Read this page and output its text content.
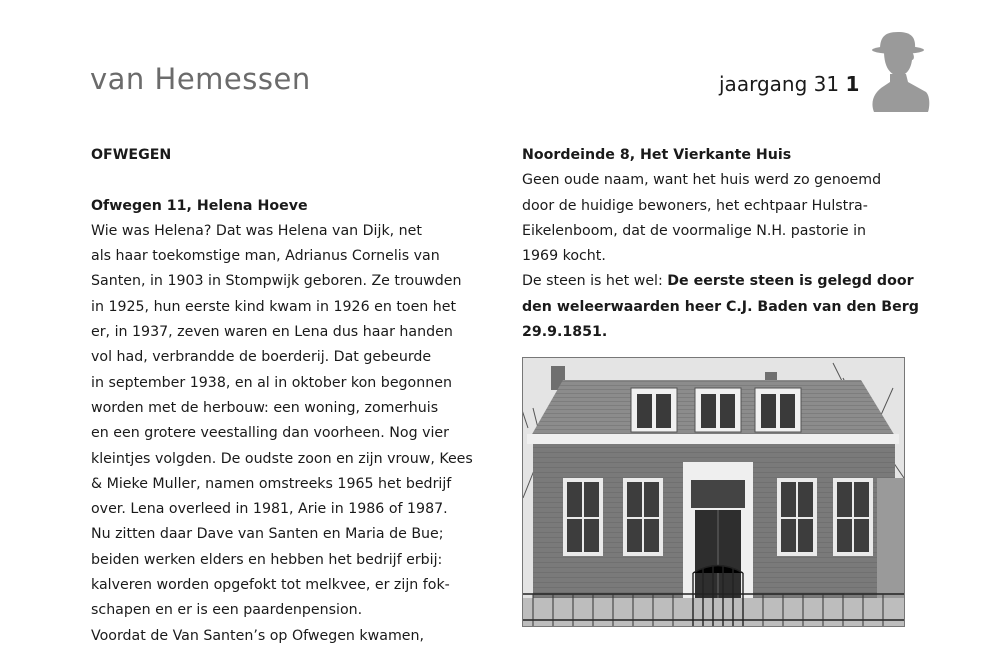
van Hemessen	jaargang 31 1
OFWEGEN
Ofwegen 11, Helena Hoeve
Wie was Helena? Dat was Helena van Dijk, net
als haar toekomstige man, Adrianus Cornelis van
Santen, in 1903 in Stompwijk geboren. Ze trouwden
in 1925, hun eerste kind kwam in 1926 en toen het
er, in 1937, zeven waren en Lena dus haar handen
vol had, verbrandde de boerderij. Dat gebeurde
in september 1938, en al in oktober kon begonnen
worden met de herbouw: een woning, zomerhuis
en een grotere veestalling dan voorheen. Nog vier
kleintjes volgden. De oudste zoon en zijn vrouw, Kees
& Mieke Muller, namen omstreeks 1965 het bedrijf
over. Lena overleed in 1981, Arie in 1986 of 1987.
Nu zitten daar Dave van Santen en Maria de Bue;
beiden werken elders en hebben het bedrijf erbij:
kalveren worden opgefokt tot melkvee, er zijn fok-
schapen en er is een paardenpension.
Voordat de Van Santen’s op Ofwegen kwamen,
Noordeinde 8, Het Vierkante Huis
Geen oude naam, want het huis werd zo genoemd
door de huidige bewoners, het echtpaar Hulstra-
Eikelenboom, dat de voormalige N.H. pastorie in
1969 kocht.
De steen is het wel: De eerste steen is gelegd door
den weleerwaarden heer C.J. Baden van den Berg
29.9.1851.
